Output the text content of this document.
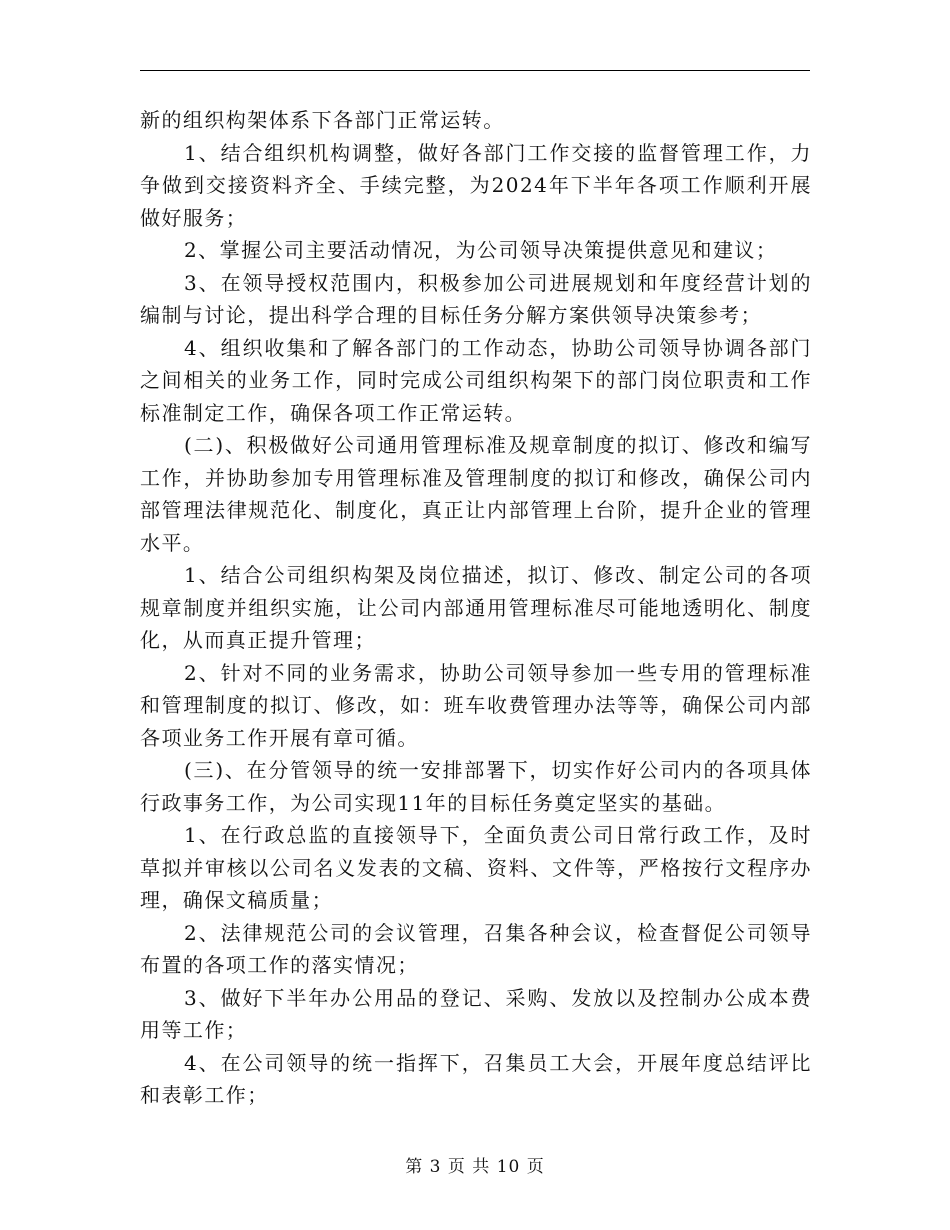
新的组织构架体系下各部门正常运转。

1、结合组织机构调整，做好各部门工作交接的监督管理工作，力争做到交接资料齐全、手续完整，为2024年下半年各项工作顺利开展做好服务；

2、掌握公司主要活动情况，为公司领导决策提供意见和建议；

3、在领导授权范围内，积极参加公司进展规划和年度经营计划的编制与讨论，提出科学合理的目标任务分解方案供领导决策参考；

4、组织收集和了解各部门的工作动态，协助公司领导协调各部门之间相关的业务工作，同时完成公司组织构架下的部门岗位职责和工作标准制定工作，确保各项工作正常运转。

(二)、积极做好公司通用管理标准及规章制度的拟订、修改和编写工作，并协助参加专用管理标准及管理制度的拟订和修改，确保公司内部管理法律规范化、制度化，真正让内部管理上台阶，提升企业的管理水平。

1、结合公司组织构架及岗位描述，拟订、修改、制定公司的各项规章制度并组织实施，让公司内部通用管理标准尽可能地透明化、制度化，从而真正提升管理；

2、针对不同的业务需求，协助公司领导参加一些专用的管理标准和管理制度的拟订、修改，如：班车收费管理办法等等，确保公司内部各项业务工作开展有章可循。

(三)、在分管领导的统一安排部署下，切实作好公司内的各项具体行政事务工作，为公司实现11年的目标任务奠定坚实的基础。

1、在行政总监的直接领导下，全面负责公司日常行政工作，及时草拟并审核以公司名义发表的文稿、资料、文件等，严格按行文程序办理，确保文稿质量；

2、法律规范公司的会议管理，召集各种会议，检查督促公司领导布置的各项工作的落实情况；

3、做好下半年办公用品的登记、采购、发放以及控制办公成本费用等工作；

4、在公司领导的统一指挥下，召集员工大会，开展年度总结评比和表彰工作；

第 3 页 共 10 页
